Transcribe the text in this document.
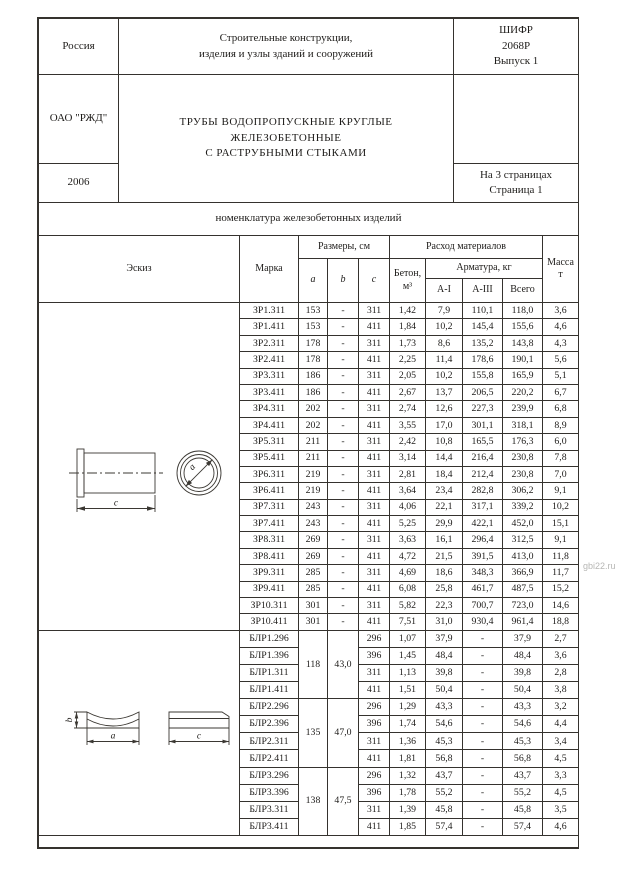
Россия	
Строительные конструкции,
изделия и узлы зданий и сооружений

ШИФР
2068Р
Выпуск 1

ОАО "РЖД"	ТРУБЫ ВОДОПРОПУСКНЫЕ КРУГЛЫЕ
ЖЕЛЕЗОБЕТОННЫЕ
С РАСТРУБНЫМИ СТЫКАМИ	

2006		На 3 страницах
Страница 1

номенклатура железобетонных изделий		
Эскиз	Марка	Размеры, см			Расход материалов				Масса
т

		a	b	c	Бетон,
м³	Арматура, кг			
						А-I	А-III	Всего	

c
a	ЗР1.311	153	-	311	1,42	7,9	110,1	118,0	3,6
	ЗР1.411	153	-	411	1,84	10,2	145,4	155,6	4,6
	ЗР2.311	178	-	311	1,73	8,6	135,2	143,8	4,3
	ЗР2.411	178	-	411	2,25	11,4	178,6	190,1	5,6
	ЗР3.311	186	-	311	2,05	10,2	155,8	165,9	5,1
	ЗР3.411	186	-	411	2,67	13,7	206,5	220,2	6,7
	ЗР4.311	202	-	311	2,74	12,6	227,3	239,9	6,8
	ЗР4.411	202	-	411	3,55	17,0	301,1	318,1	8,9
	ЗР5.311	211	-	311	2,42	10,8	165,5	176,3	6,0
	ЗР5.411	211	-	411	3,14	14,4	216,4	230,8	7,8
	ЗР6.311	219	-	311	2,81	18,4	212,4	230,8	7,0
	ЗР6.411	219	-	411	3,64	23,4	282,8	306,2	9,1
	ЗР7.311	243	-	311	4,06	22,1	317,1	339,2	10,2
	ЗР7.411	243	-	411	5,25	29,9	422,1	452,0	15,1
	ЗР8.311	269	-	311	3,63	16,1	296,4	312,5	9,1
	ЗР8.411	269	-	411	4,72	21,5	391,5	413,0	11,8
	ЗР9.311	285	-	311	4,69	18,6	348,3	366,9	11,7
	ЗР9.411	285	-	411	6,08	25,8	461,7	487,5	15,2
	ЗР10.311	301	-	311	5,82	22,3	700,7	723,0	14,6
	ЗР10.411	301	-	411	7,51	31,0	930,4	961,4	18,8

b
a c	БЛР1.296	118	43,0	296	1,07	37,9	-	37,9	2,7
	БЛР1.396			396	1,45	48,4	-	48,4	3,6
	БЛР1.311			311	1,13	39,8	-	39,8	2,8
	БЛР1.411			411	1,51	50,4	-	50,4	3,8
	БЛР2.296	135	47,0	296	1,29	43,3	-	43,3	3,2
	БЛР2.396			396	1,74	54,6	-	54,6	4,4
	БЛР2.311			311	1,36	45,3	-	45,3	3,4
	БЛР2.411			411	1,81	56,8	-	56,8	4,5
	БЛР3.296	138	47,5	296	1,32	43,7	-	43,7	3,3
	БЛР3.396			396	1,78	55,2	-	55,2	4,5
	БЛР3.311			311	1,39	45,8	-	45,8	3,5
	БЛР3.411			411	1,85	57,4	-	57,4	4,6

gbi22.ru
